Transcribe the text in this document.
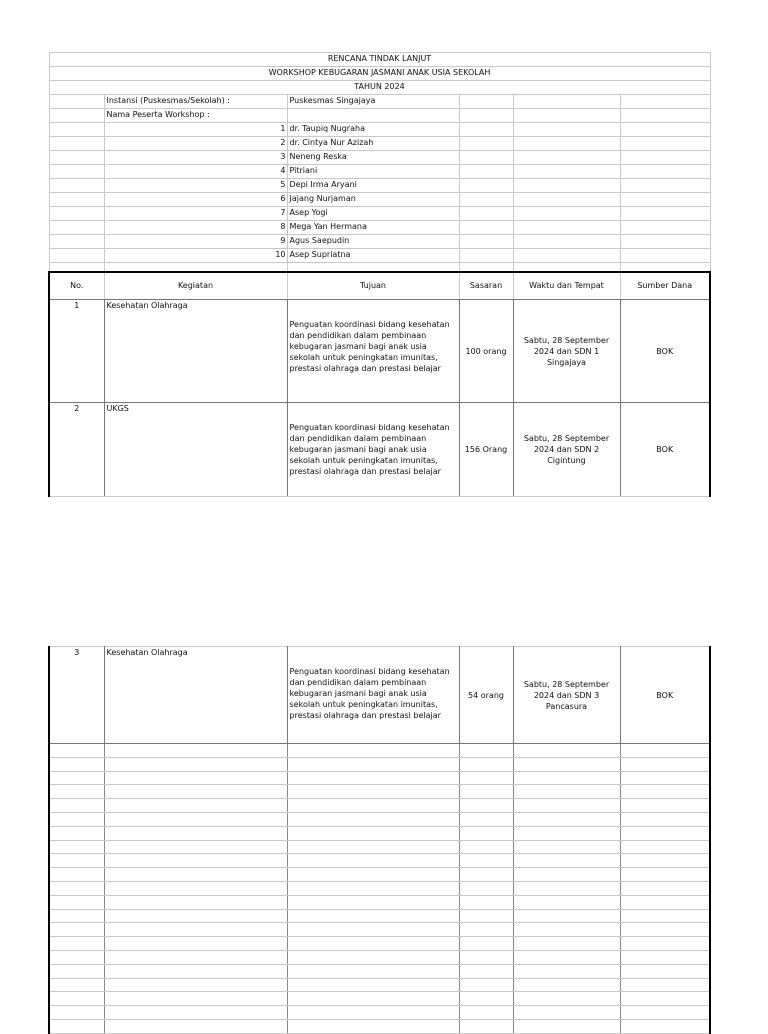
RENCANA TINDAK LANJUT					
WORKSHOP KEBUGARAN JASMANI ANAK USIA SEKOLAH					
TAHUN 2024					
	Instansi (Puskesmas/Sekolah) :	Puskesmas Singajaya			
	Nama Peserta Workshop :				
	1	dr. Taupiq Nugraha			
	2	dr. Cintya Nur Azizah			
	3	Neneng Reska			
	4	Pitriani			
	5	Depi Irma Aryani			
	6	Jajang Nurjaman			
	7	Asep Yogi			
	8	Mega Yan Hermana			
	9	Agus Saepudin			
	10	Asep Supriatna			

No.	Kegiatan	Tujuan	Sasaran	Waktu dan Tempat	Sumber Dana
1	Kesehatan Olahraga	Penguatan koordinasi bidang kesehatan dan pendidikan dalam pembinaan kebugaran jasmani bagi anak usia sekolah untuk peningkatan imunitas, prestasi olahraga dan prestasi belajar	100 orang	Sabtu, 28 September 2024 dan SDN 1 Singajaya	BOK
2	UKGS	Penguatan koordinasi bidang kesehatan dan pendidikan dalam pembinaan kebugaran jasmani bagi anak usia sekolah untuk peningkatan imunitas, prestasi olahraga dan prestasi belajar	156 Orang	Sabtu, 28 September 2024 dan SDN 2 Cigintung	BOK
3	Kesehatan Olahraga	Penguatan koordinasi bidang kesehatan dan pendidikan dalam pembinaan kebugaran jasmani bagi anak usia sekolah untuk peningkatan imunitas, prestasi olahraga dan prestasi belajar	54 orang	Sabtu, 28 September 2024 dan SDN 3 Pancasura	BOK
